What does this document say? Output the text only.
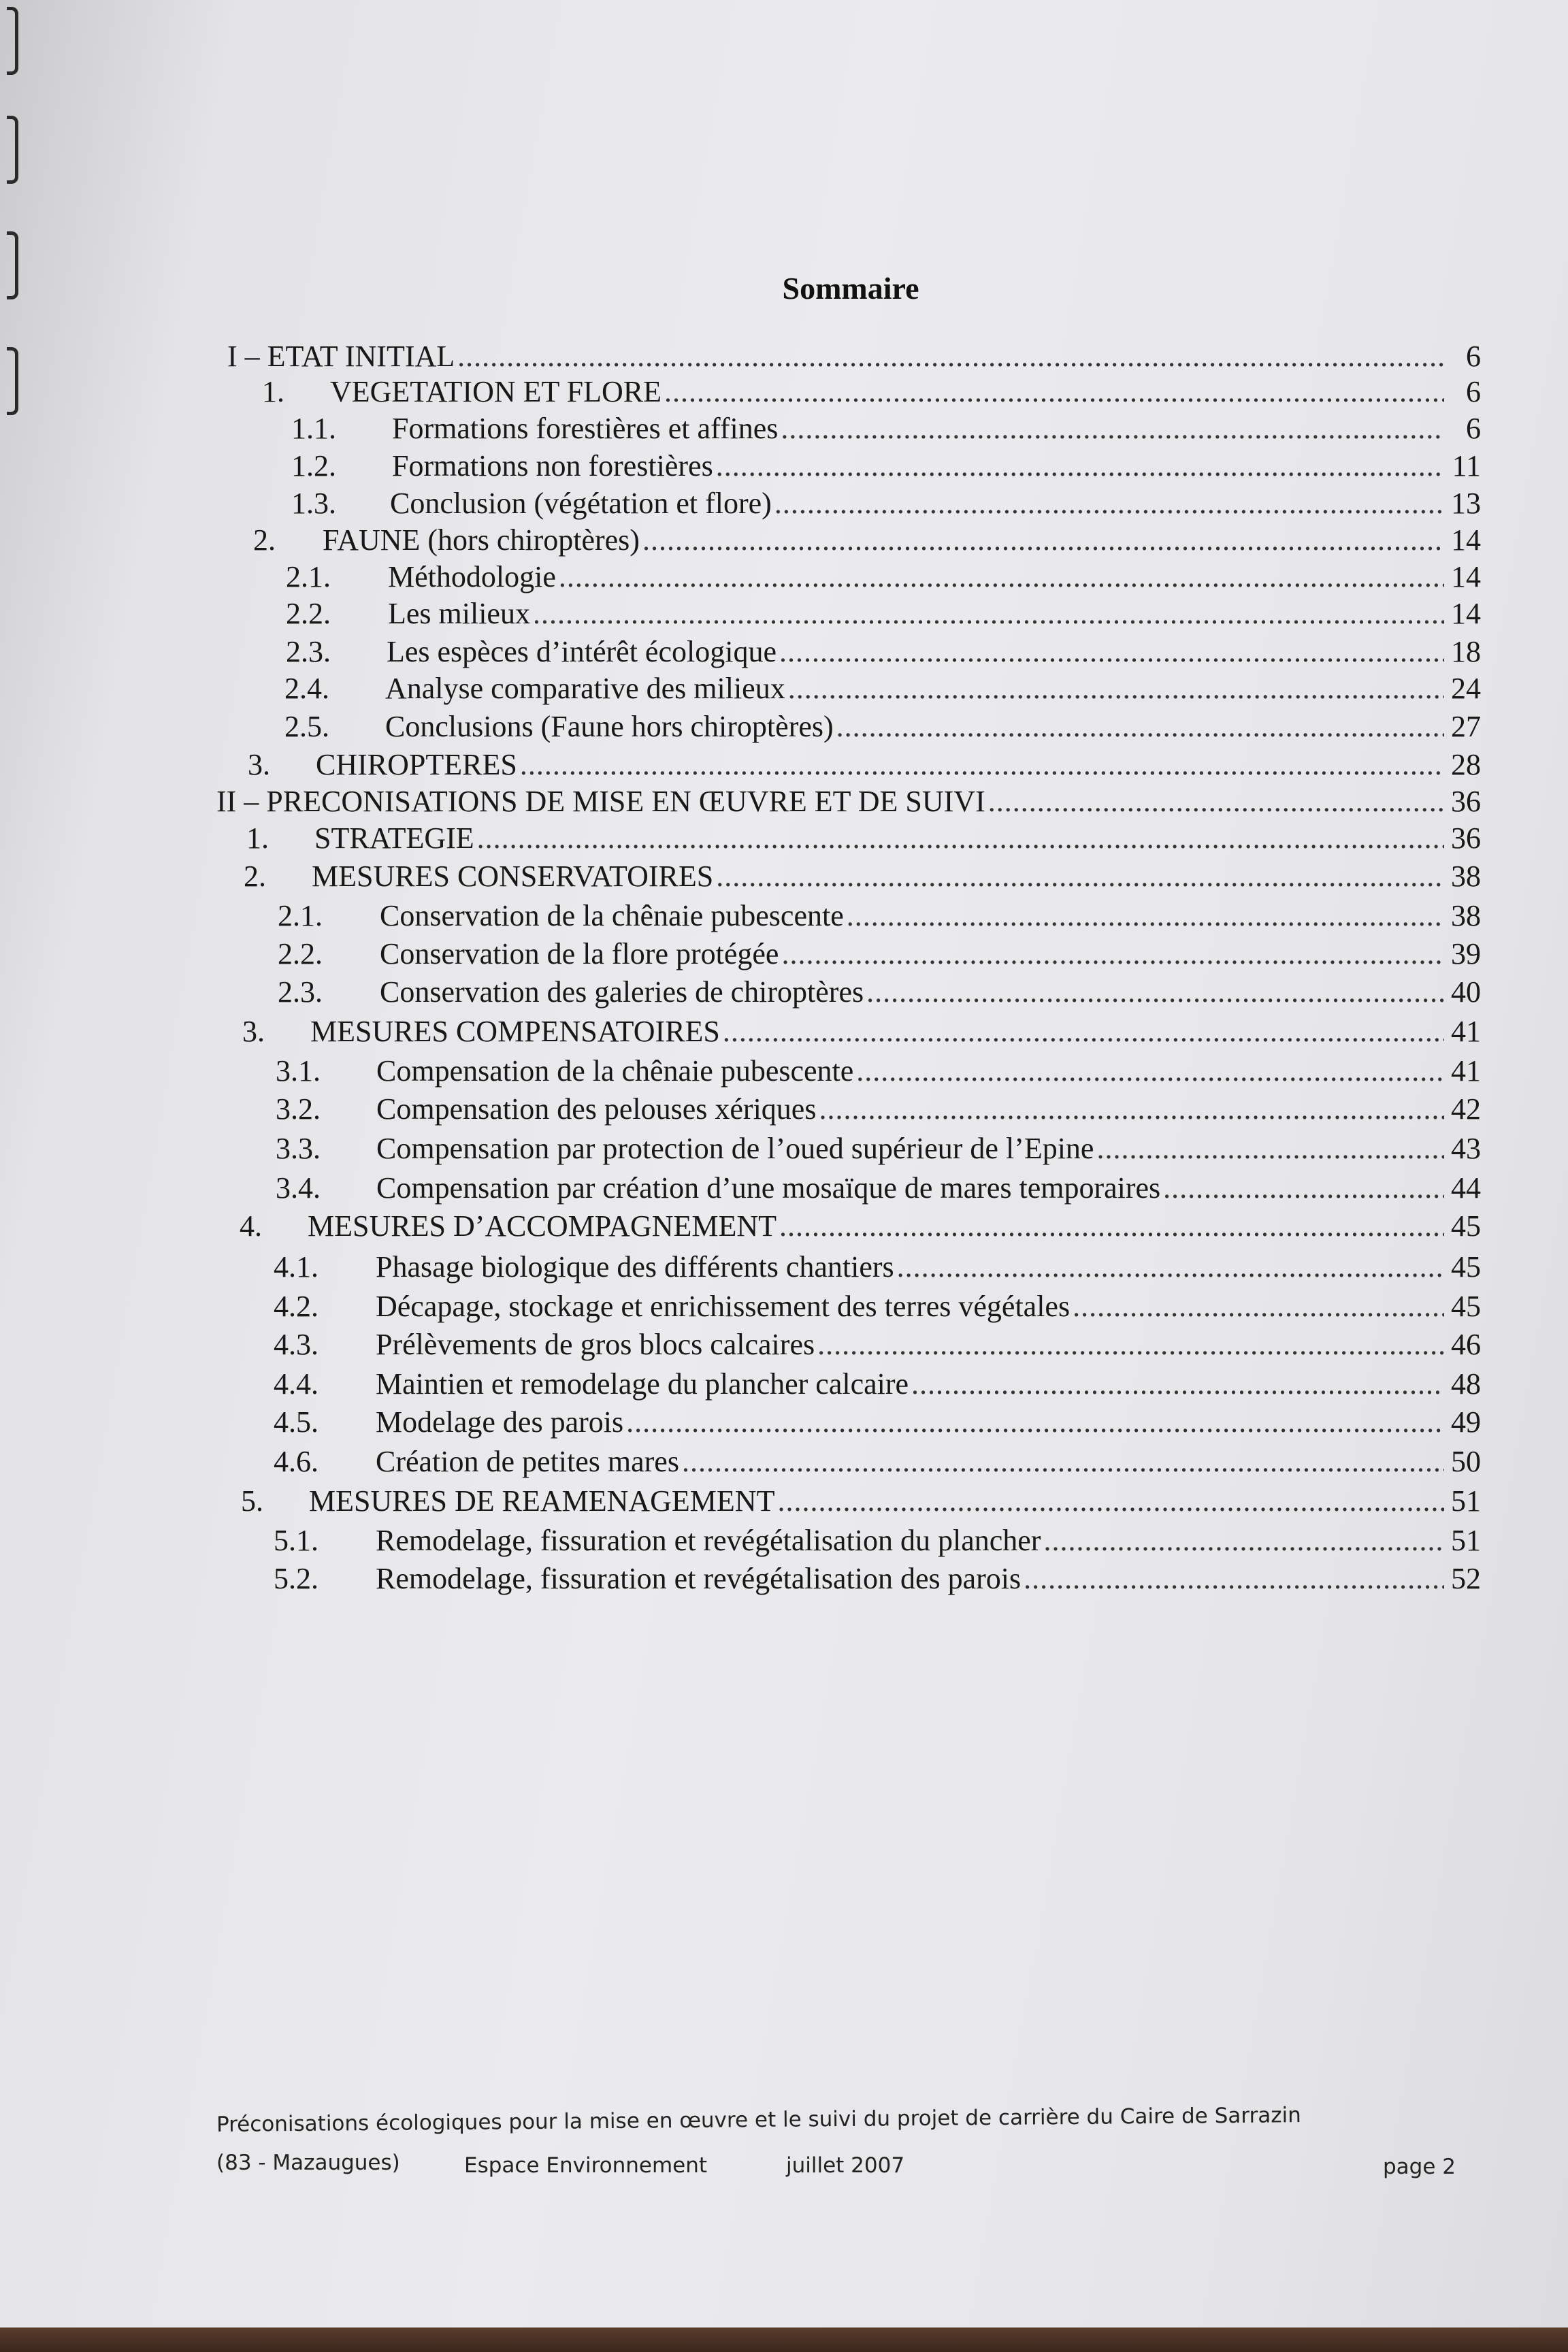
Sommaire
I – ETAT INITIAL .....	6
1.	VEGETATION ET FLORE .....	6
1.1.	Formations forestières et affines .....	6
1.2.	Formations non forestières .....	11
1.3.	Conclusion (végétation et flore) .....	13
2.	FAUNE (hors chiroptères) .....	14
2.1.	Méthodologie .....	14
2.2.	Les milieux .....	14
2.3.	Les espèces d’intérêt écologique .....	18
2.4.	Analyse comparative des milieux .....	24
2.5.	Conclusions (Faune hors chiroptères) .....	27
3.	CHIROPTERES .....	28
II – PRECONISATIONS DE MISE EN ŒUVRE ET DE SUIVI .....	36
1.	STRATEGIE .....	36
2.	MESURES CONSERVATOIRES .....	38
2.1.	Conservation de la chênaie pubescente .....	38
2.2.	Conservation de la flore protégée .....	39
2.3.	Conservation des galeries de chiroptères .....	40
3.	MESURES COMPENSATOIRES .....	41
3.1.	Compensation de la chênaie pubescente .....	41
3.2.	Compensation des pelouses xériques .....	42
3.3.	Compensation par protection de l’oued supérieur de l’Epine .....	43
3.4.	Compensation par création d’une mosaïque de mares temporaires .....	44
4.	MESURES D’ACCOMPAGNEMENT .....	45
4.1.	Phasage biologique des différents chantiers .....	45
4.2.	Décapage, stockage et enrichissement des terres végétales .....	45
4.3.	Prélèvements de gros blocs calcaires .....	46
4.4.	Maintien et remodelage du plancher calcaire .....	48
4.5.	Modelage des parois .....	49
4.6.	Création de petites mares .....	50
5.	MESURES DE REAMENAGEMENT .....	51
5.1.	Remodelage, fissuration et revégétalisation du plancher .....	51
5.2.	Remodelage, fissuration et revégétalisation des parois .....	52
Préconisations écologiques pour la mise en œuvre et le suivi du projet de carrière du Caire de Sarrazin
(83 - Mazaugues)	Espace Environnement	juillet 2007	page 2
